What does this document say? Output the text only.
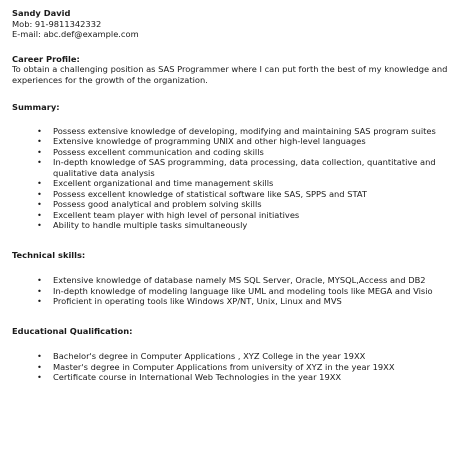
Sandy David
Mob: 91-9811342332
E-mail: abc.def@example.com
Career Profile:
To obtain a challenging position as SAS Programmer where I can put forth the best of my knowledge and experiences for the growth of the organization.
Summary:
• Possess extensive knowledge of developing, modifying and maintaining SAS program suites
• Extensive knowledge of programming UNIX and other high-level languages
• Possess excellent communication and coding skills
• In-depth knowledge of SAS programming, data processing, data collection, quantitative and qualitative data analysis
• Excellent organizational and time management skills
• Possess excellent knowledge of statistical software like SAS, SPPS and STAT
• Possess good analytical and problem solving skills
• Excellent team player with high level of personal initiatives
• Ability to handle multiple tasks simultaneously
Technical skills:
• Extensive knowledge of database namely MS SQL Server, Oracle, MYSQL,Access and DB2
• In-depth knowledge of modeling language like UML and modeling tools like MEGA and Visio
• Proficient in operating tools like Windows XP/NT, Unix, Linux and MVS
Educational Qualification:
• Bachelor's degree in Computer Applications , XYZ College in the year 19XX
• Master's degree in Computer Applications from university of XYZ in the year 19XX
• Certificate course in International Web Technologies in the year 19XX
